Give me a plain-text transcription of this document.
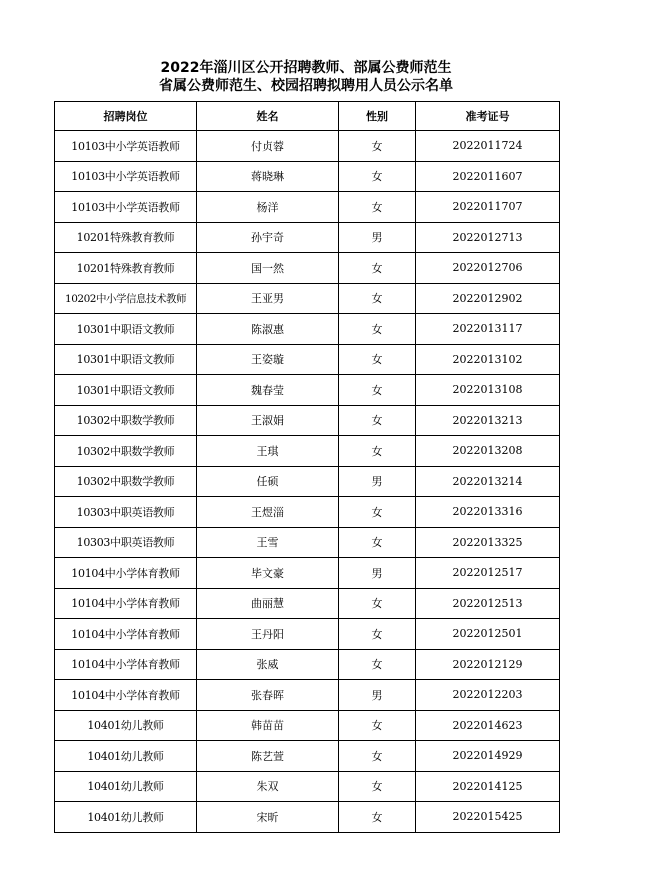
2022年淄川区公开招聘教师、部属公费师范生
省属公费师范生、校园招聘拟聘用人员公示名单
招聘岗位	姓名	性别	准考证号
10103中小学英语教师	付贞蓉	女	2022011724
10103中小学英语教师	蒋晓琳	女	2022011607
10103中小学英语教师	杨洋	女	2022011707
10201特殊教育教师	孙宇奇	男	2022012713
10201特殊教育教师	国一然	女	2022012706
10202中小学信息技术教师	王亚男	女	2022012902
10301中职语文教师	陈淑惠	女	2022013117
10301中职语文教师	王姿璇	女	2022013102
10301中职语文教师	魏春莹	女	2022013108
10302中职数学教师	王淑娟	女	2022013213
10302中职数学教师	王琪	女	2022013208
10302中职数学教师	任硕	男	2022013214
10303中职英语教师	王煜淄	女	2022013316
10303中职英语教师	王雪	女	2022013325
10104中小学体育教师	毕文豪	男	2022012517
10104中小学体育教师	曲丽慧	女	2022012513
10104中小学体育教师	王丹阳	女	2022012501
10104中小学体育教师	张威	女	2022012129
10104中小学体育教师	张春晖	男	2022012203
10401幼儿教师	韩苗苗	女	2022014623
10401幼儿教师	陈艺萱	女	2022014929
10401幼儿教师	朱双	女	2022014125
10401幼儿教师	宋昕	女	2022015425
